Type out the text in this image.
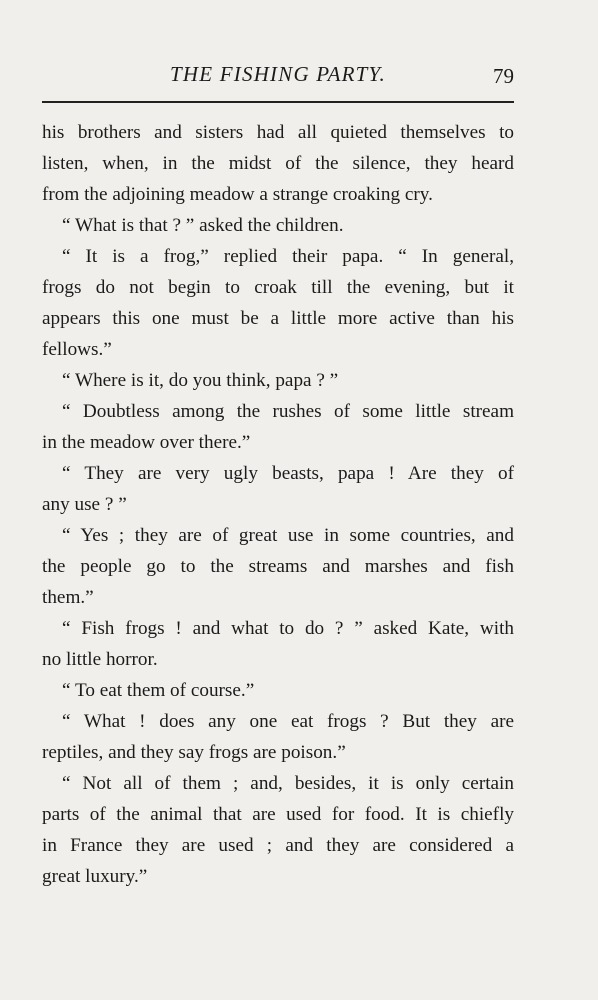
THE FISHING PARTY.	79

his brothers and sisters had all quieted themselves to

listen, when, in the midst of the silence, they heard

from the adjoining meadow a strange croaking cry.

“ What is that ? ” asked the children.

“ It is a frog,” replied their papa. “ In general,

frogs do not begin to croak till the evening, but it

appears this one must be a little more active than his

fellows.”

“ Where is it, do you think, papa ? ”

“ Doubtless among the rushes of some little stream

in the meadow over there.”

“ They are very ugly beasts, papa ! Are they of

any use ? ”

“ Yes ; they are of great use in some countries, and

the people go to the streams and marshes and fish

them.”

“ Fish frogs ! and what to do ? ” asked Kate, with

no little horror.

“ To eat them of course.”

“ What ! does any one eat frogs ? But they are

reptiles, and they say frogs are poison.”

“ Not all of them ; and, besides, it is only certain

parts of the animal that are used for food. It is chiefly

in France they are used ; and they are considered a

great luxury.”
